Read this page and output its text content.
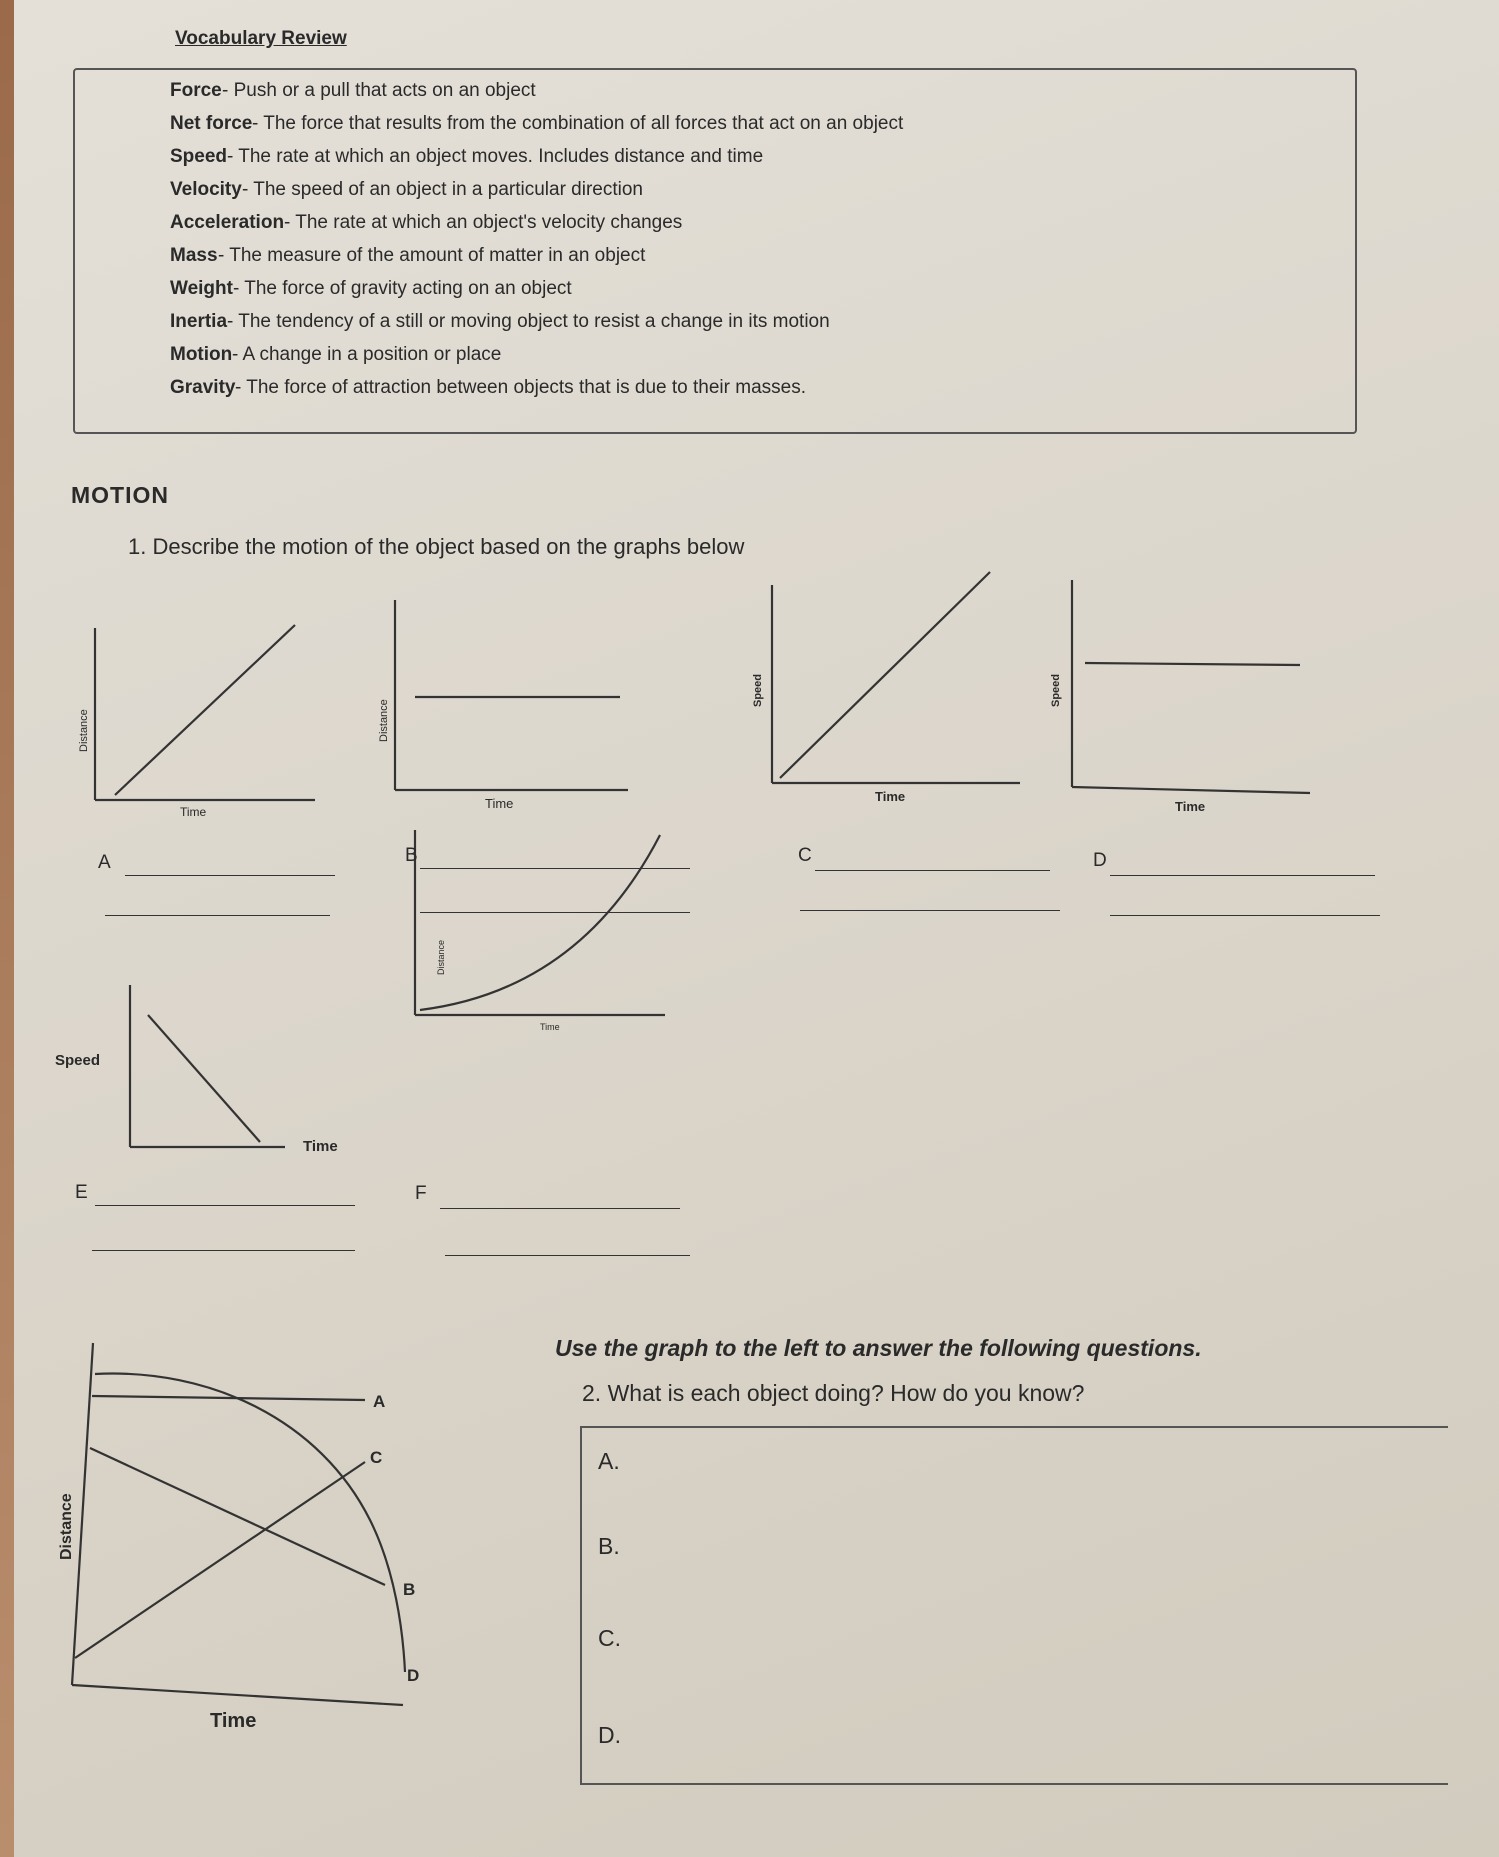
Vocabulary Review
Force - Push or a pull that acts on an object
Net force - The force that results from the combination of all forces that act on an object
Speed - The rate at which an object moves. Includes distance and time
Velocity - The speed of an object in a particular direction
Acceleration - The rate at which an object's velocity changes
Mass - The measure of the amount of matter in an object
Weight - The force of gravity acting on an object
Inertia - The tendency of a still or moving object to resist a change in its motion
Motion - A change in a position or place
Gravity - The force of attraction between objects that is due to their masses.
MOTION
1. Describe the motion of the object based on the graphs below
Distance
Time
Distance
Time
Speed
Time
Speed
Time
Distance
Time
Speed
Time
A
B
C
D
Distance
Time
A	B	C	D
E	F
Use the graph to the left to answer the following questions.
2. What is each object doing? How do you know?
A.
B.
C.
D.
